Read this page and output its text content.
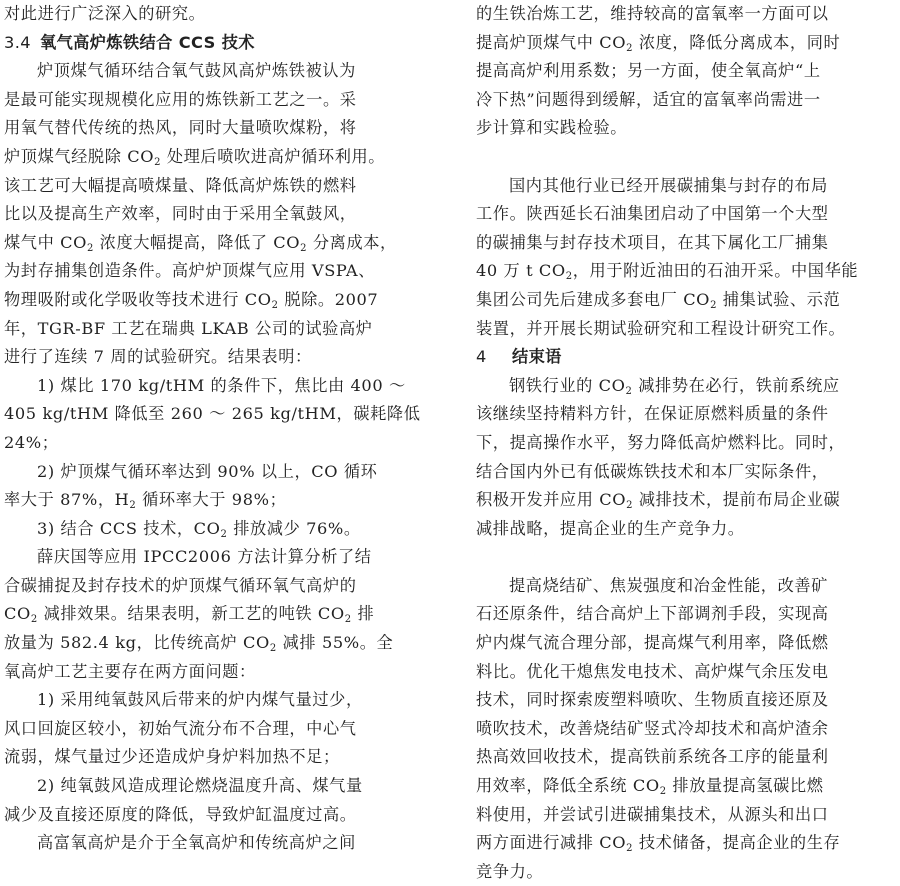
对此进行广泛深入的研究。
3.4 氧气高炉炼铁结合 CCS 技术
炉顶煤气循环结合氧气鼓风高炉炼铁被认为
是最可能实现规模化应用的炼铁新工艺之一。采
用氧气替代传统的热风，同时大量喷吹煤粉，将
炉顶煤气经脱除 $CO_2$ 处理后喷吹进高炉循环利用。
该工艺可大幅提高喷煤量、降低高炉炼铁的燃料
比以及提高生产效率，同时由于采用全氧鼓风，
煤气中 $CO_2$ 浓度大幅提高，降低了 $CO_2$ 分离成本，
为封存捕集创造条件。高炉炉顶煤气应用 VSPA、
物理吸附或化学吸收等技术进行 $CO_2$ 脱除。2007
年，TGR-BF 工艺在瑞典 LKAB 公司的试验高炉
进行了连续 7 周的试验研究。结果表明：
1) 煤比 170 kg/tHM 的条件下，焦比由 400 ～
405 kg/tHM 降低至 260 ～ 265 kg/tHM，碳耗降低
24%；
2) 炉顶煤气循环率达到 90% 以上，CO 循环
率大于 87%，$H_2$ 循环率大于 98%；
3) 结合 CCS 技术，$CO_2$ 排放减少 76%。
薛庆国等应用 IPCC2006 方法计算分析了结
合碳捕捉及封存技术的炉顶煤气循环氧气高炉的
$CO_2$ 减排效果。结果表明，新工艺的吨铁 $CO_2$ 排
放量为 582.4 kg，比传统高炉 $CO_2$ 减排 55%。全
氧高炉工艺主要存在两方面问题：
1) 采用纯氧鼓风后带来的炉内煤气量过少，
风口回旋区较小，初始气流分布不合理，中心气
流弱，煤气量过少还造成炉身炉料加热不足；
2) 纯氧鼓风造成理论燃烧温度升高、煤气量
减少及直接还原度的降低，导致炉缸温度过高。
高富氧高炉是介于全氧高炉和传统高炉之间
的生铁冶炼工艺，维持较高的富氧率一方面可以
提高炉顶煤气中 $CO_2$ 浓度，降低分离成本，同时
提高高炉利用系数；另一方面，使全氧高炉“上
冷下热”问题得到缓解，适宜的富氧率尚需进一
步计算和实践检验。
国内其他行业已经开展碳捕集与封存的布局
工作。陕西延长石油集团启动了中国第一个大型
的碳捕集与封存技术项目，在其下属化工厂捕集
40 万 t $CO_2$，用于附近油田的石油开采。中国华能
集团公司先后建成多套电厂 $CO_2$ 捕集试验、示范
装置，并开展长期试验研究和工程设计研究工作。
4 结束语
钢铁行业的 $CO_2$ 减排势在必行，铁前系统应
该继续坚持精料方针，在保证原燃料质量的条件
下，提高操作水平，努力降低高炉燃料比。同时，
结合国内外已有低碳炼铁技术和本厂实际条件，
积极开发并应用 $CO_2$ 减排技术，提前布局企业碳
减排战略，提高企业的生产竞争力。
提高烧结矿、焦炭强度和冶金性能，改善矿
石还原条件，结合高炉上下部调剂手段，实现高
炉内煤气流合理分部，提高煤气利用率，降低燃
料比。优化干熄焦发电技术、高炉煤气余压发电
技术，同时探索废塑料喷吹、生物质直接还原及
喷吹技术，改善烧结矿竖式冷却技术和高炉渣余
热高效回收技术，提高铁前系统各工序的能量利
用效率，降低全系统 $CO_2$ 排放量提高氢碳比燃
料使用，并尝试引进碳捕集技术，从源头和出口
两方面进行减排 $CO_2$ 技术储备，提高企业的生存
竞争力。
